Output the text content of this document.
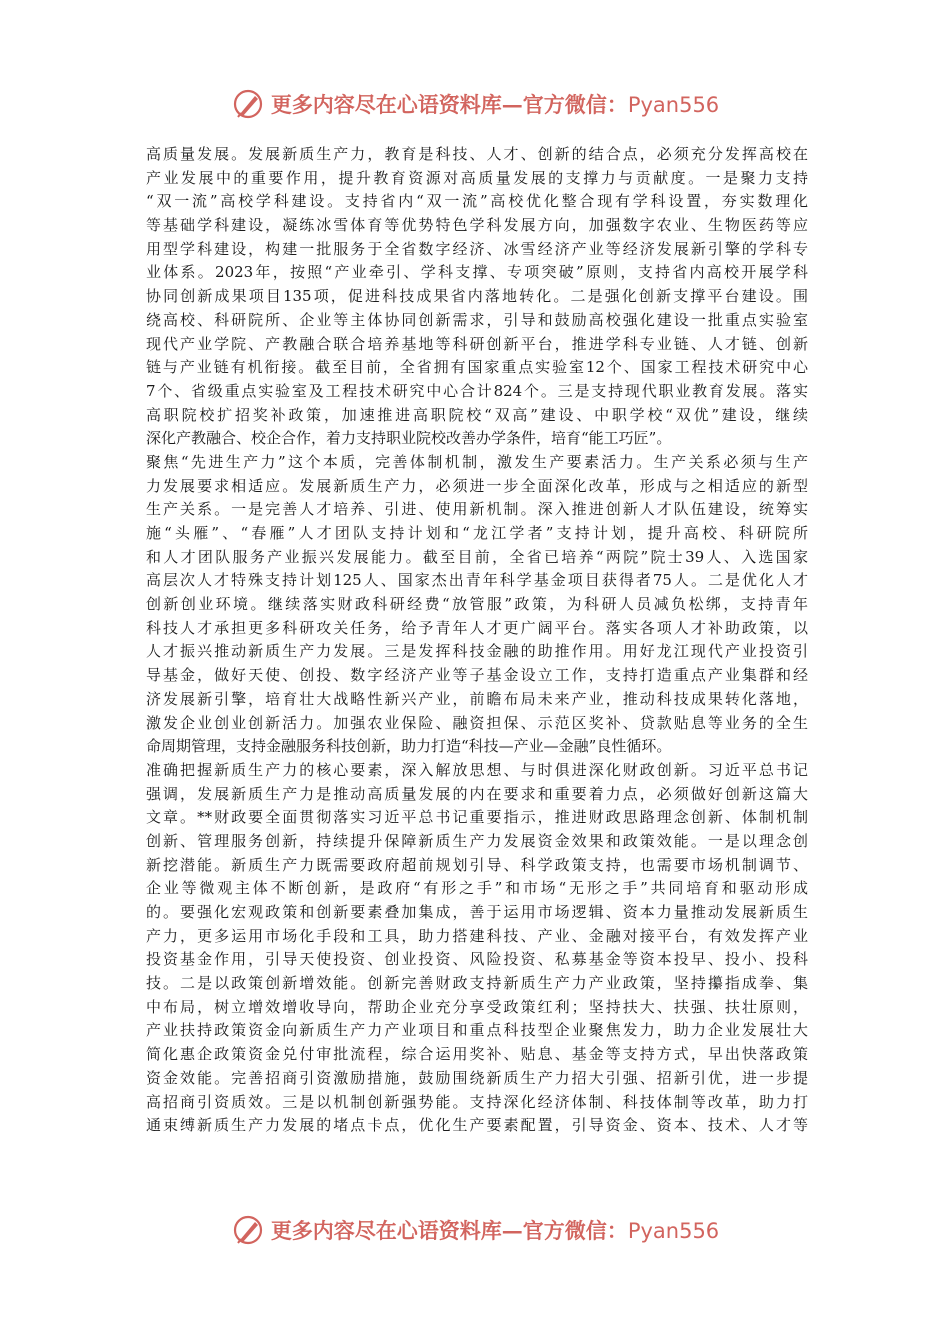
更多内容尽在心语资料库—官方微信：Pyan556
高质量发展。发展新质生产力，教育是科技、人才、创新的结合点，必须充分发挥高校在
产业发展中的重要作用，提升教育资源对高质量发展的支撑力与贡献度。一是聚力支持
“双一流”高校学科建设。支持省内“双一流”高校优化整合现有学科设置，夯实数理化
等基础学科建设，凝练冰雪体育等优势特色学科发展方向，加强数字农业、生物医药等应
用型学科建设，构建一批服务于全省数字经济、冰雪经济产业等经济发展新引擎的学科专
业体系。2023年，按照“产业牵引、学科支撑、专项突破”原则，支持省内高校开展学科
协同创新成果项目135项，促进科技成果省内落地转化。二是强化创新支撑平台建设。围
绕高校、科研院所、企业等主体协同创新需求，引导和鼓励高校强化建设一批重点实验室
现代产业学院、产教融合联合培养基地等科研创新平台，推进学科专业链、人才链、创新
链与产业链有机衔接。截至目前，全省拥有国家重点实验室12个、国家工程技术研究中心
7个、省级重点实验室及工程技术研究中心合计824个。三是支持现代职业教育发展。落实
高职院校扩招奖补政策，加速推进高职院校“双高”建设、中职学校“双优”建设，继续
深化产教融合、校企合作，着力支持职业院校改善办学条件，培育“能工巧匠”。
聚焦“先进生产力”这个本质，完善体制机制，激发生产要素活力。生产关系必须与生产
力发展要求相适应。发展新质生产力，必须进一步全面深化改革，形成与之相适应的新型
生产关系。一是完善人才培养、引进、使用新机制。深入推进创新人才队伍建设，统筹实
施“头雁”、“春雁”人才团队支持计划和“龙江学者”支持计划，提升高校、科研院所
和人才团队服务产业振兴发展能力。截至目前，全省已培养“两院”院士39人、入选国家
高层次人才特殊支持计划125人、国家杰出青年科学基金项目获得者75人。二是优化人才
创新创业环境。继续落实财政科研经费“放管服”政策，为科研人员减负松绑，支持青年
科技人才承担更多科研攻关任务，给予青年人才更广阔平台。落实各项人才补助政策，以
人才振兴推动新质生产力发展。三是发挥科技金融的助推作用。用好龙江现代产业投资引
导基金，做好天使、创投、数字经济产业等子基金设立工作，支持打造重点产业集群和经
济发展新引擎，培育壮大战略性新兴产业，前瞻布局未来产业，推动科技成果转化落地，
激发企业创业创新活力。加强农业保险、融资担保、示范区奖补、贷款贴息等业务的全生
命周期管理，支持金融服务科技创新，助力打造“科技—产业—金融”良性循环。
准确把握新质生产力的核心要素，深入解放思想、与时俱进深化财政创新。习近平总书记
强调，发展新质生产力是推动高质量发展的内在要求和重要着力点，必须做好创新这篇大
文章。**财政要全面贯彻落实习近平总书记重要指示，推进财政思路理念创新、体制机制
创新、管理服务创新，持续提升保障新质生产力发展资金效果和政策效能。一是以理念创
新挖潜能。新质生产力既需要政府超前规划引导、科学政策支持，也需要市场机制调节、
企业等微观主体不断创新，是政府“有形之手”和市场“无形之手”共同培育和驱动形成
的。要强化宏观政策和创新要素叠加集成，善于运用市场逻辑、资本力量推动发展新质生
产力，更多运用市场化手段和工具，助力搭建科技、产业、金融对接平台，有效发挥产业
投资基金作用，引导天使投资、创业投资、风险投资、私募基金等资本投早、投小、投科
技。二是以政策创新增效能。创新完善财政支持新质生产力产业政策，坚持攥指成拳、集
中布局，树立增效增收导向，帮助企业充分享受政策红利；坚持扶大、扶强、扶壮原则，
产业扶持政策资金向新质生产力产业项目和重点科技型企业聚焦发力，助力企业发展壮大
简化惠企政策资金兑付审批流程，综合运用奖补、贴息、基金等支持方式，早出快落政策
资金效能。完善招商引资激励措施，鼓励围绕新质生产力招大引强、招新引优，进一步提
高招商引资质效。三是以机制创新强势能。支持深化经济体制、科技体制等改革，助力打
通束缚新质生产力发展的堵点卡点，优化生产要素配置，引导资金、资本、技术、人才等
更多内容尽在心语资料库—官方微信：Pyan556
